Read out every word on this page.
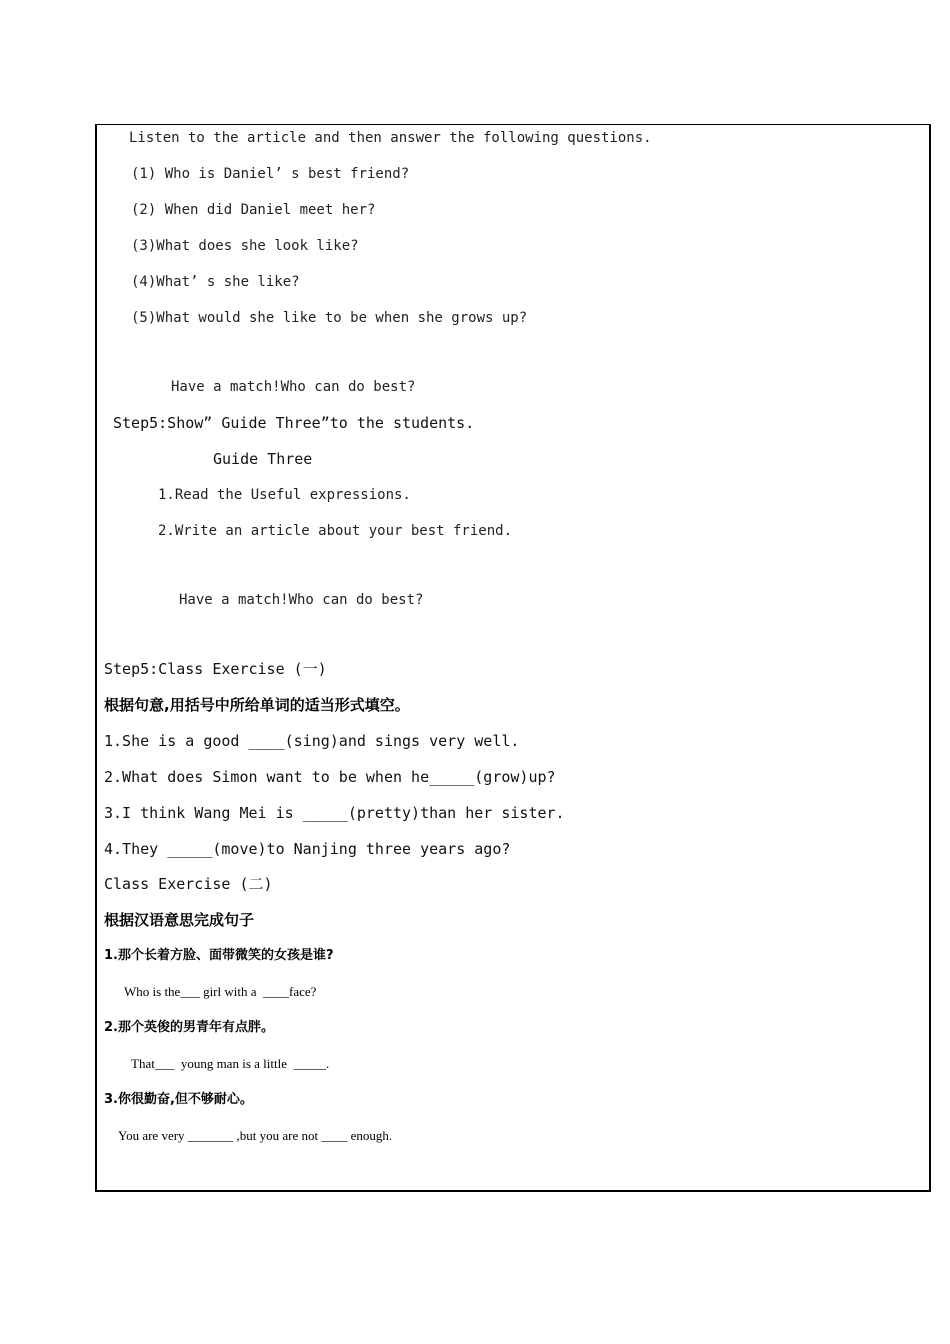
Listen to the article and then answer the following questions.
(1) Who is Daniel’ s best friend?
(2) When did Daniel meet her?
(3)What does she look like?
(4)What’ s she like?
(5)What would she like to be when she grows up?
Have a match!Who can do best?
Step5:Show” Guide Three”to the students.
Guide Three
1.Read the Useful expressions.
2.Write an article about your best friend.
Have a match!Who can do best?
Step5:Class Exercise (一)
根据句意,用括号中所给单词的适当形式填空。
1.She is a good ____(sing)and sings very well.
2.What does Simon want to be when he_____(grow)up?
3.I think Wang Mei is _____(pretty)than her sister.
4.They _____(move)to Nanjing three years ago?
Class Exercise (二)
根据汉语意思完成句子
1.那个长着方脸、面带微笑的女孩是谁?
Who is the___ girl with a  ____face?
2.那个英俊的男青年有点胖。
That___  young man is a little  _____.
3.你很勤奋,但不够耐心。
You are very _______ ,but you are not ____ enough.
